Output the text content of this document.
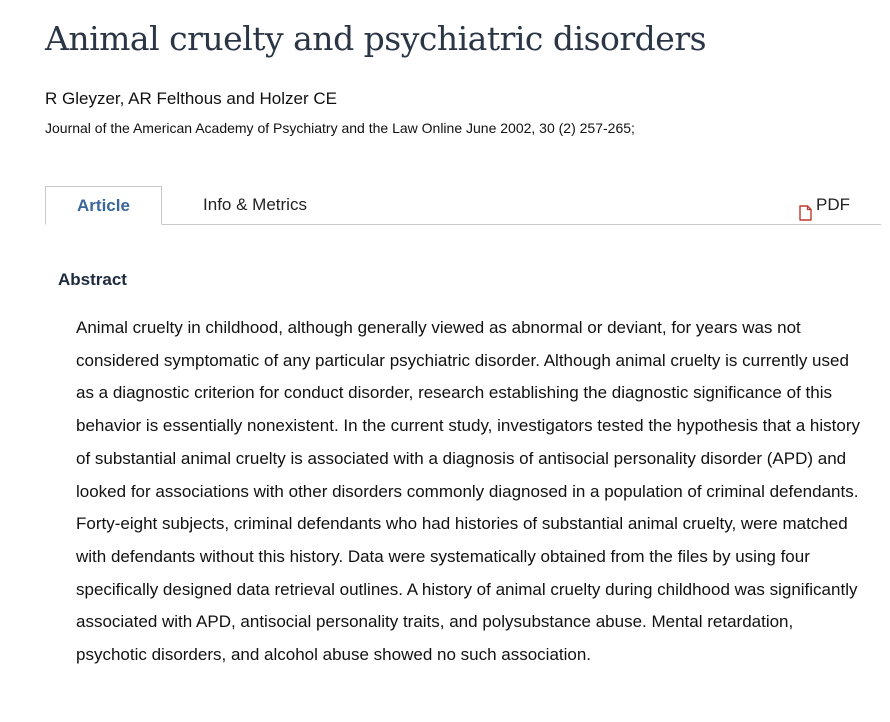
Animal cruelty and psychiatric disorders
R Gleyzer, AR Felthous and Holzer CE
Journal of the American Academy of Psychiatry and the Law Online June 2002, 30 (2) 257-265;
Article	Info & Metrics	PDF
Abstract

Animal cruelty in childhood, although generally viewed as abnormal or deviant, for years was not considered symptomatic of any particular psychiatric disorder. Although animal cruelty is currently used as a diagnostic criterion for conduct disorder, research establishing the diagnostic significance of this behavior is essentially nonexistent. In the current study, investigators tested the hypothesis that a history of substantial animal cruelty is associated with a diagnosis of antisocial personality disorder (APD) and looked for associations with other disorders commonly diagnosed in a population of criminal defendants. Forty-eight subjects, criminal defendants who had histories of substantial animal cruelty, were matched with defendants without this history. Data were systematically obtained from the files by using four specifically designed data retrieval outlines. A history of animal cruelty during childhood was significantly associated with APD, antisocial personality traits, and polysubstance abuse. Mental retardation, psychotic disorders, and alcohol abuse showed no such association.
